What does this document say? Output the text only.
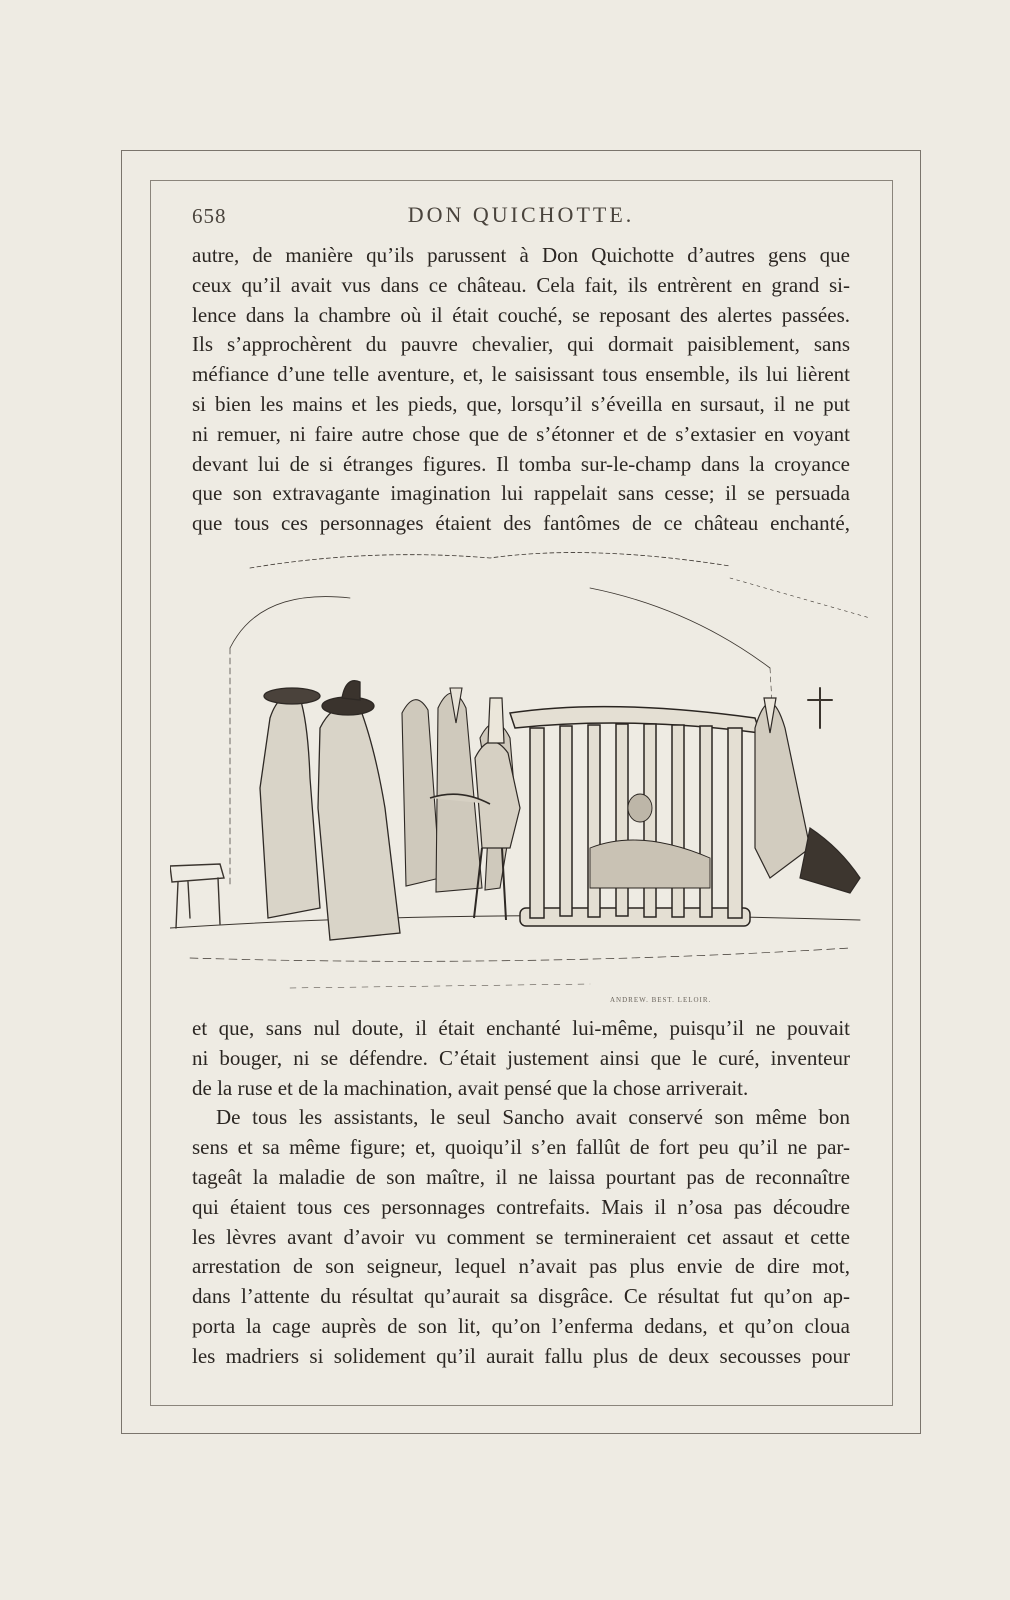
658	DON QUICHOTTE.
autre, de manière qu’ils parussent à Don Quichotte d’autres gens que
ceux qu’il avait vus dans ce château. Cela fait, ils entrèrent en grand si-
lence dans la chambre où il était couché, se reposant des alertes passées.
Ils s’approchèrent du pauvre chevalier, qui dormait paisiblement, sans
méfiance d’une telle aventure, et, le saisissant tous ensemble, ils lui lièrent
si bien les mains et les pieds, que, lorsqu’il s’éveilla en sursaut, il ne put
ni remuer, ni faire autre chose que de s’étonner et de s’extasier en voyant
devant lui de si étranges figures. Il tomba sur-le-champ dans la croyance
que son extravagante imagination lui rappelait sans cesse; il se persuada
que tous ces personnages étaient des fantômes de ce château enchanté,
ANDREW. BEST. LELOIR.
et que, sans nul doute, il était enchanté lui-même, puisqu’il ne pouvait
ni bouger, ni se défendre. C’était justement ainsi que le curé, inventeur
de la ruse et de la machination, avait pensé que la chose arriverait.
De tous les assistants, le seul Sancho avait conservé son même bon
sens et sa même figure; et, quoiqu’il s’en fallût de fort peu qu’il ne par-
tageât la maladie de son maître, il ne laissa pourtant pas de reconnaître
qui étaient tous ces personnages contrefaits. Mais il n’osa pas découdre
les lèvres avant d’avoir vu comment se termineraient cet assaut et cette
arrestation de son seigneur, lequel n’avait pas plus envie de dire mot,
dans l’attente du résultat qu’aurait sa disgrâce. Ce résultat fut qu’on ap-
porta la cage auprès de son lit, qu’on l’enferma dedans, et qu’on cloua
les madriers si solidement qu’il aurait fallu plus de deux secousses pour
